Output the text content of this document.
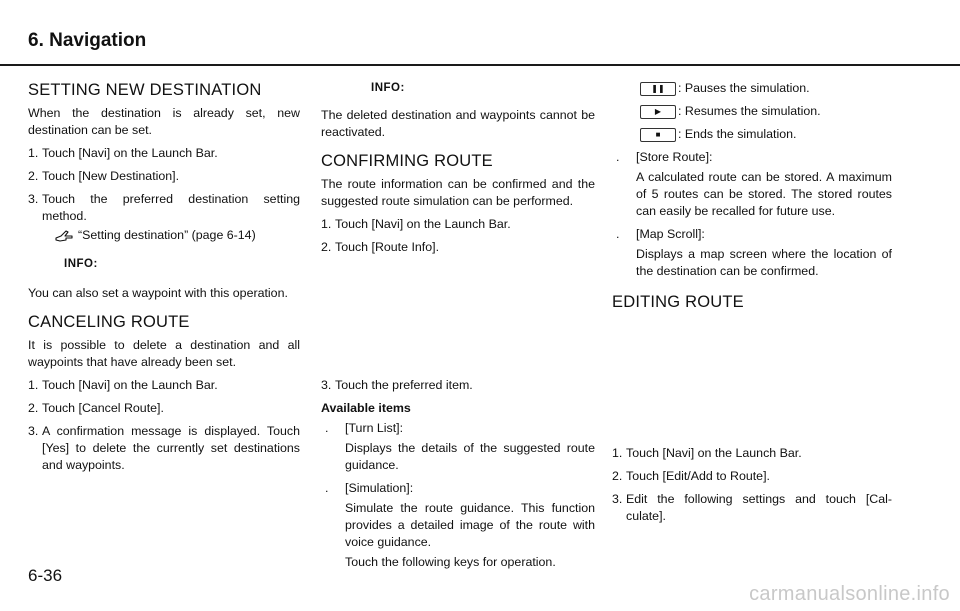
6. Navigation
SETTING NEW DESTINATION

When the destination is already set, new destination can be set.

1. Touch [Navi] on the Launch Bar.
2. Touch [New Destination].
3. Touch the preferred destination setting method.
“Setting destination” (page 6-14)
INFO:

You can also set a waypoint with this operation.

CANCELING ROUTE

It is possible to delete a destination and all waypoints that have already been set.

1. Touch [Navi] on the Launch Bar.
2. Touch [Cancel Route].
3. A confirmation message is displayed. Touch [Yes] to delete the currently set destinations and waypoints.
INFO:

The deleted destination and waypoints cannot be reactivated.

CONFIRMING ROUTE

The route information can be confirmed and the suggested route simulation can be performed.

1. Touch [Navi] on the Launch Bar.
2. Touch [Route Info].
3. Touch the preferred item.

Available items

. [Turn List]:
Displays the details of the suggested route guidance.
. [Simulation]:
Simulate the route guidance. This function provides a detailed image of the route with voice guidance.
Touch the following keys for operation.
❚❚	: Pauses the simulation.
▶	: Resumes the simulation.
■	: Ends the simulation.
. [Store Route]:
A calculated route can be stored. A maximum of 5 routes can be stored. The stored routes can easily be recalled for future use.
. [Map Scroll]:
Displays a map screen where the location of the destination can be confirmed.
EDITING ROUTE
1. Touch [Navi] on the Launch Bar.
2. Touch [Edit/Add to Route].
3. Edit the following settings and touch [Cal- culate].
6-36
carmanualsonline.info
